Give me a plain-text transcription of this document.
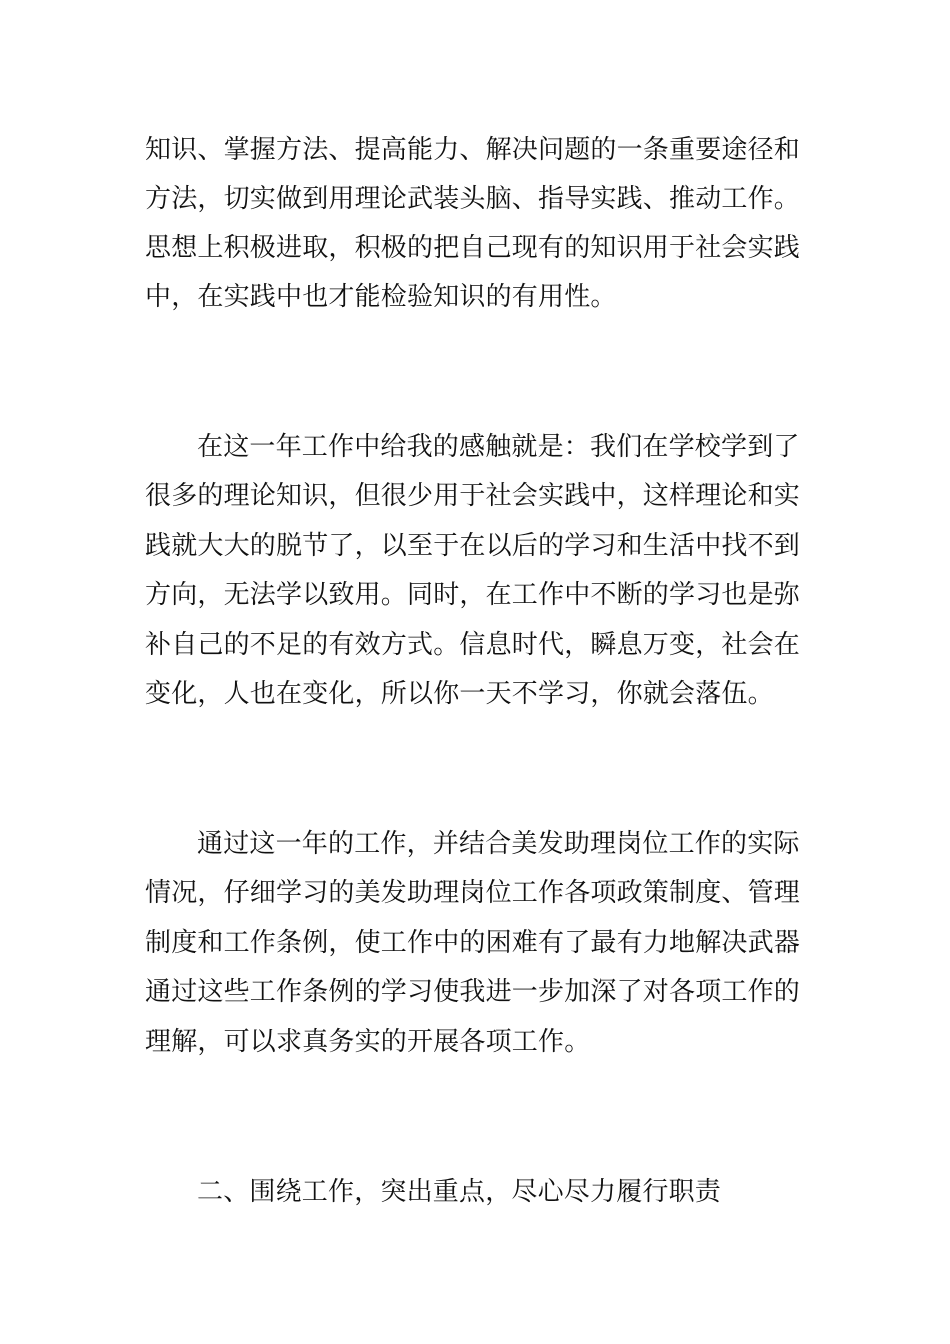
知识、掌握方法、提高能力、解决问题的一条重要途径和
方法，切实做到用理论武装头脑、指导实践、推动工作。
思想上积极进取，积极的把自己现有的知识用于社会实践
中，在实践中也才能检验知识的有用性。
在这一年工作中给我的感触就是：我们在学校学到了
很多的理论知识，但很少用于社会实践中，这样理论和实
践就大大的脱节了，以至于在以后的学习和生活中找不到
方向，无法学以致用。同时，在工作中不断的学习也是弥
补自己的不足的有效方式。信息时代，瞬息万变，社会在
变化，人也在变化，所以你一天不学习，你就会落伍。
通过这一年的工作，并结合美发助理岗位工作的实际
情况，仔细学习的美发助理岗位工作各项政策制度、管理
制度和工作条例，使工作中的困难有了最有力地解决武器
通过这些工作条例的学习使我进一步加深了对各项工作的
理解，可以求真务实的开展各项工作。
二、围绕工作，突出重点，尽心尽力履行职责
